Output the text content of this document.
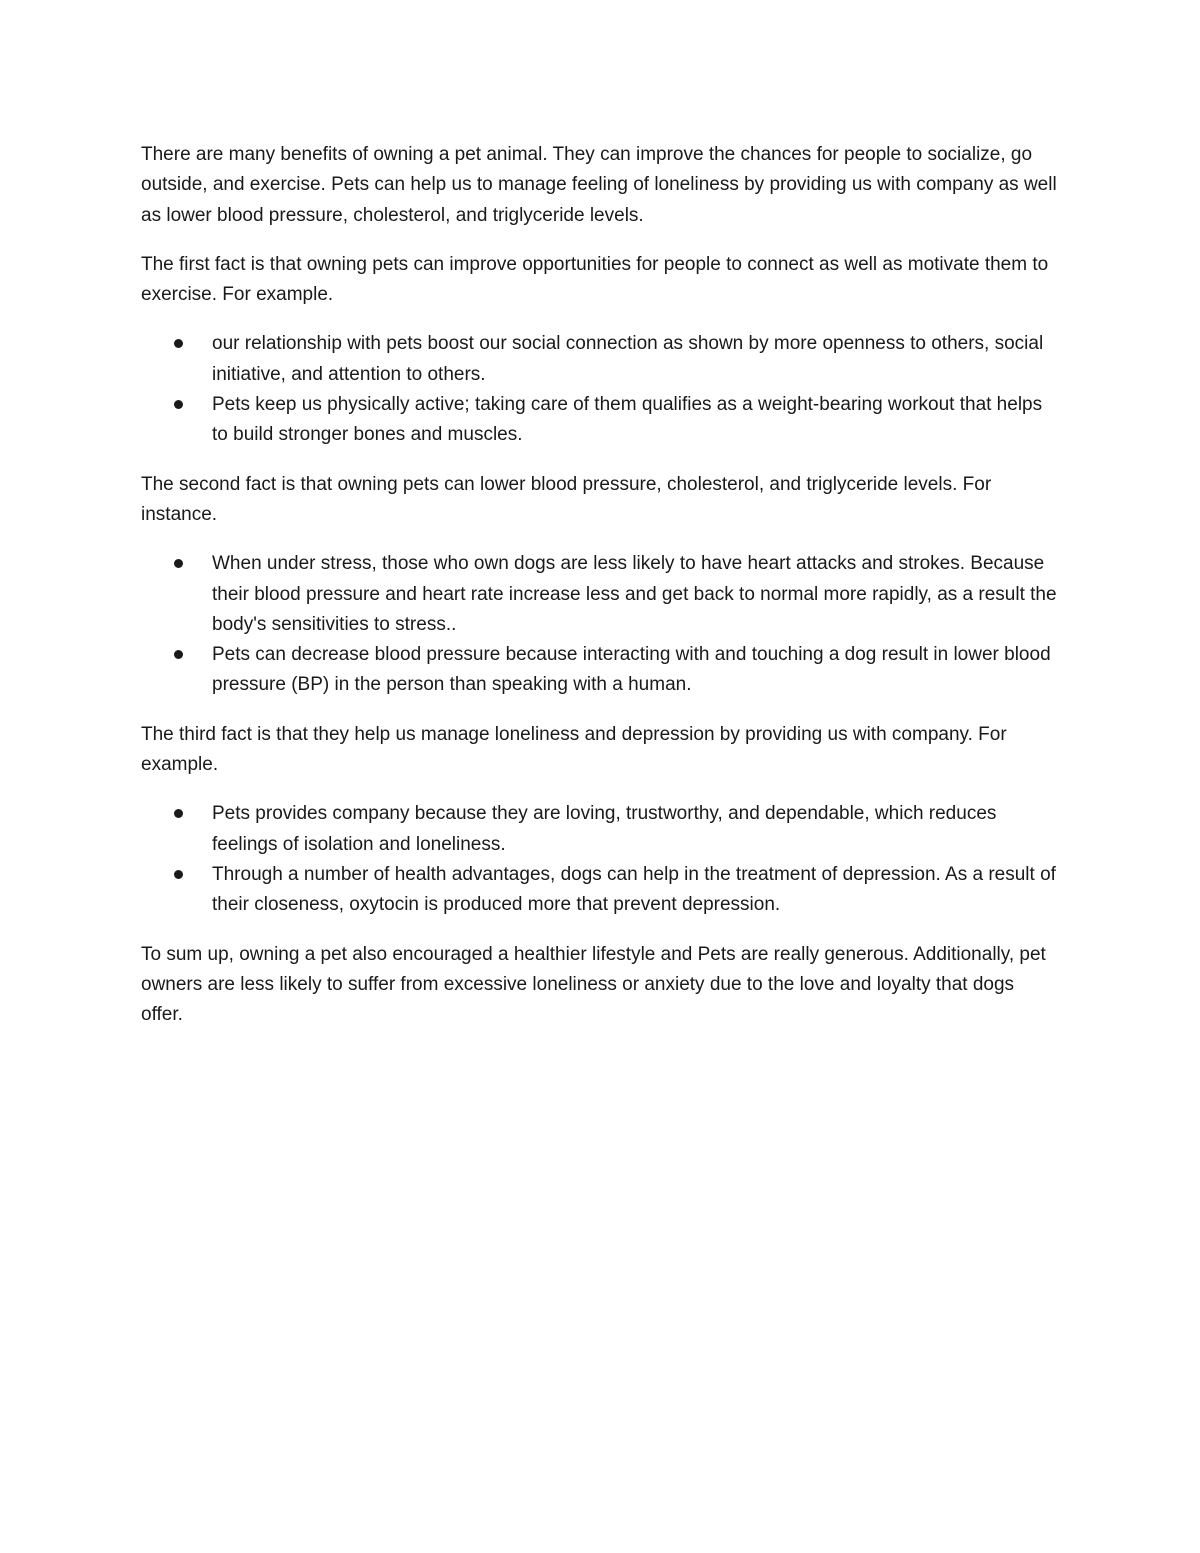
There are many benefits of owning a pet animal. They can improve the chances for people to socialize, go outside, and exercise. Pets can help us to manage feeling of loneliness by providing us with company as well as lower blood pressure, cholesterol, and triglyceride levels.

The first fact is that owning pets can improve opportunities for people to connect as well as motivate them to exercise. For example.

our relationship with pets boost our social connection as shown by more openness to others, social initiative, and attention to others.
Pets keep us physically active; taking care of them qualifies as a weight-bearing workout that helps to build stronger bones and muscles.

The second fact is that owning pets can lower blood pressure, cholesterol, and triglyceride levels. For instance.

When under stress, those who own dogs are less likely to have heart attacks and strokes. Because their blood pressure and heart rate increase less and get back to normal more rapidly, as a result the body's sensitivities to stress..
Pets can decrease blood pressure because interacting with and touching a dog result in lower blood pressure (BP) in the person than speaking with a human.

The third fact is that they help us manage loneliness and depression by providing us with company. For example.

Pets provides company because they are loving, trustworthy, and dependable, which reduces feelings of isolation and loneliness.
Through a number of health advantages, dogs can help in the treatment of depression. As a result of their closeness, oxytocin is produced more that prevent depression.

To sum up, owning a pet also encouraged a healthier lifestyle and Pets are really generous. Additionally, pet owners are less likely to suffer from excessive loneliness or anxiety due to the love and loyalty that dogs offer.
